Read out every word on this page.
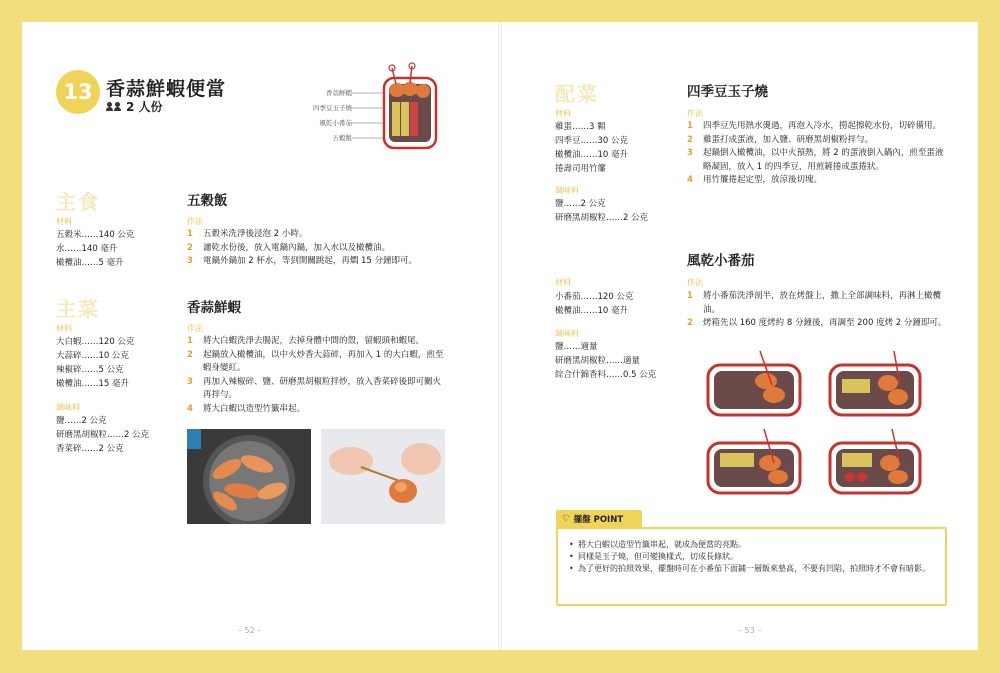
13 香蒜鮮蝦便當
2 人份
香蒜鮮蝦
四季豆玉子燒
風乾小番茄
五穀飯
主食	五穀飯
材料
五穀米……140 公克
水……140 毫升
橄欖油……5 毫升
作法
1 五穀米洗淨後浸泡 2 小時。
2 濾乾水份後，放入電鍋內鍋，加入水以及橄欖油。
3 電鍋外鍋加 2 杯水，等到開關跳起，再燜 15 分鐘即可。
主菜	香蒜鮮蝦
材料
大白蝦……120 公克
大蒜碎……10 公克
辣椒碎……5 公克
橄欖油……15 毫升
調味料
鹽……2 公克
研磨黑胡椒粒……2 公克
香菜碎……2 公克
作法
1 將大白蝦洗淨去腸泥，去掉身體中間的殼，留蝦頭和蝦尾。
2 起鍋放入橄欖油，以中火炒香大蒜碎，再加入 1 的大白蝦，煎至蝦身變紅。
3 再加入辣椒碎、鹽、研磨黑胡椒粒拌炒，放入香菜碎後即可關火再拌勻。
4 將大白蝦以造型竹籤串起。
– 52 –
配菜
材料
雞蛋……3 顆
四季豆……30 公克
橄欖油……10 毫升
捲壽司用竹簾
調味料
鹽……2 公克
研磨黑胡椒粒……2 公克
四季豆玉子燒
作法
1 四季豆先用熱水燙過，再泡入冷水，撈起擦乾水份，切碎備用。
2 雞蛋打成蛋液，加入鹽、研磨黑胡椒粉拌勻。
3 起鍋倒入橄欖油，以中火預熱，將 2 的蛋液倒入鍋內，煎至蛋液略凝固，放入 1 的四季豆，用煎鏟捲成蛋捲狀。
4 用竹簾捲起定型，放涼後切塊。
風乾小番茄
材料
小番茄……120 公克
橄欖油……10 毫升
調味料
鹽……適量
研磨黑胡椒粒……適量
綜合什錦香料……0.5 公克
作法
1 將小番茄洗淨剖半，放在烤盤上，撒上全部調味料，再淋上橄欖油。
2 烤箱先以 160 度烤約 8 分鐘後，再調至 200 度烤 2 分鐘即可。
♡ 擺盤 POINT
• 將大白蝦以造型竹籤串起，就成為便當的亮點。
• 同樣是玉子燒，但可變換樣式，切成長條狀。
• 為了更好的拍照效果，擺盤時可在小番茄下面鋪一層飯來墊高，不要有凹陷，拍照時才不會有暗影。
– 53 –
